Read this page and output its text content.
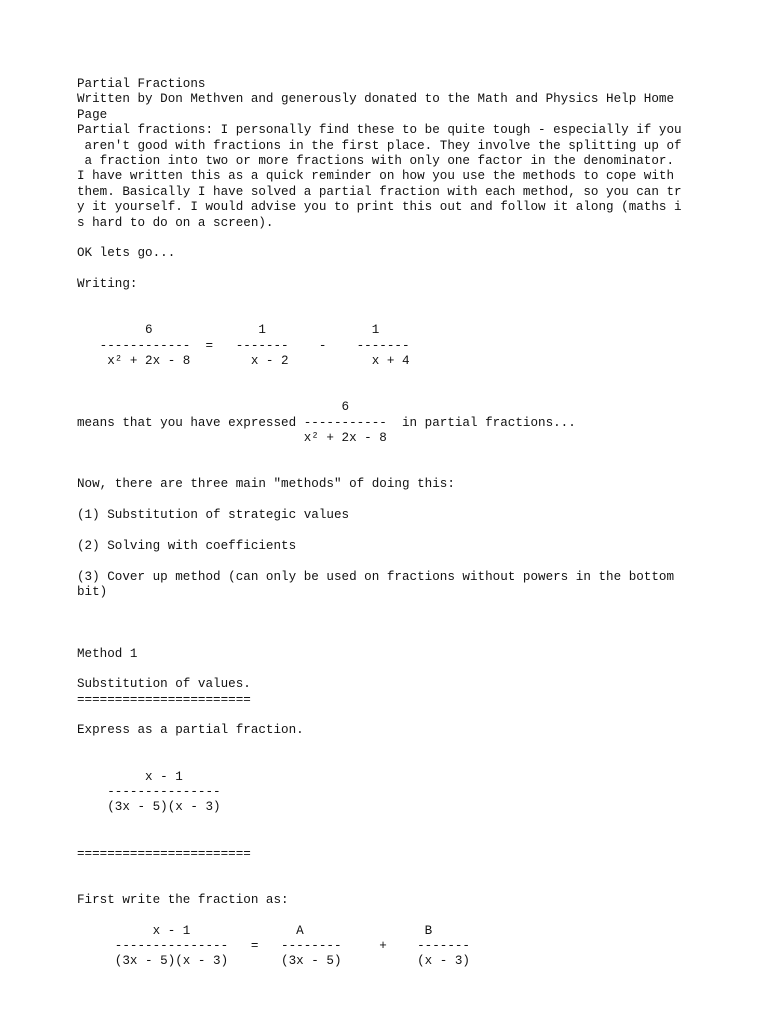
Partial Fractions
Written by Don Methven and generously donated to the Math and Physics Help Home
Page
Partial fractions: I personally find these to be quite tough - especially if you
aren't good with fractions in the first place. They involve the splitting up of
a fraction into two or more fractions with only one factor in the denominator.
I have written this as a quick reminder on how you use the methods to cope with
them. Basically I have solved a partial fraction with each method, so you can tr
y it yourself. I would advise you to print this out and follow it along (maths i
s hard to do on a screen).
OK lets go...
Writing:
6              1              1
------------  =   -------    -    -------
x² + 2x - 8        x - 2           x + 4
6
means that you have expressed -----------  in partial fractions...
x² + 2x - 8
Now, there are three main "methods" of doing this:
(1) Substitution of strategic values
(2) Solving with coefficients
(3) Cover up method (can only be used on fractions without powers in the bottom
bit)
Method 1
Substitution of values.
=======================
Express as a partial fraction.
x - 1
---------------
(3x - 5)(x - 3)
=======================
First write the fraction as:
x - 1              A                B
---------------   =   --------     +    -------
(3x - 5)(x - 3)       (3x - 5)          (x - 3)
